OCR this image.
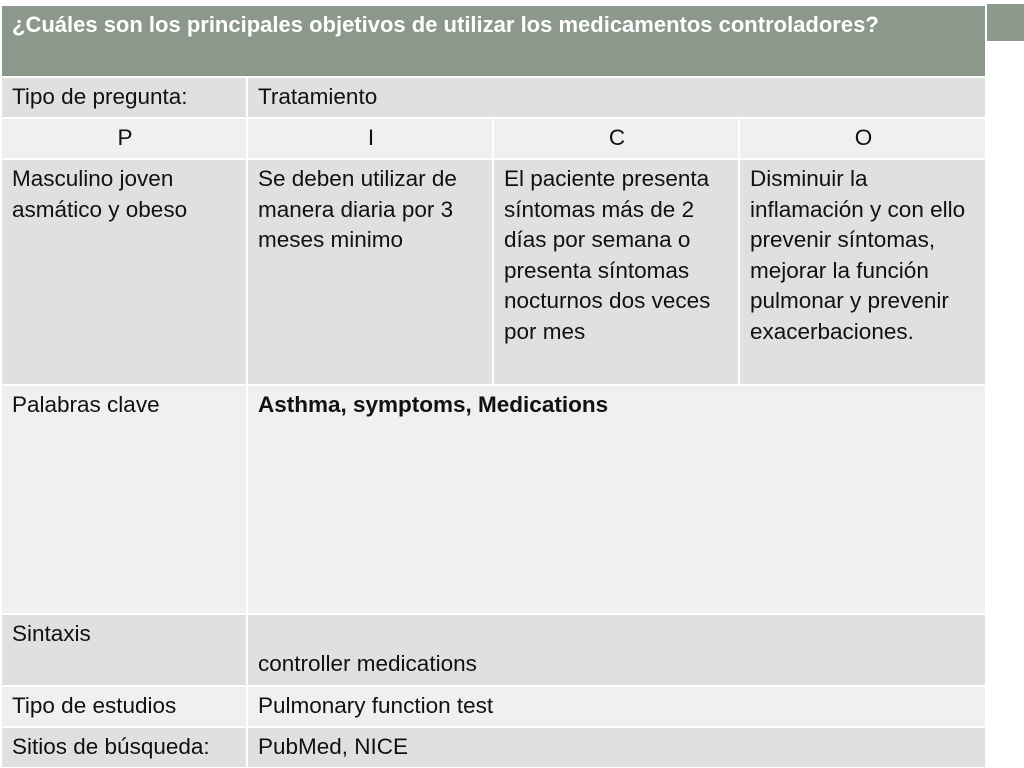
¿Cuáles son los principales objetivos de utilizar los medicamentos controladores?			
Tipo de pregunta:	Tratamiento		
P	I	C	O
Masculino joven asmático y obeso	Se deben utilizar de manera diaria por 3 meses minimo	El paciente presenta síntomas más de 2 días por semana o presenta síntomas nocturnos dos veces por mes	Disminuir la inflamación y con ello prevenir síntomas, mejorar la función pulmonar y prevenir exacerbaciones.
Palabras clave	Asthma, symptoms, Medications		
Sintaxis	controller medications		

Tipo de estudios	Pulmonary function test		
Sitios de búsqueda:	PubMed, NICE		
